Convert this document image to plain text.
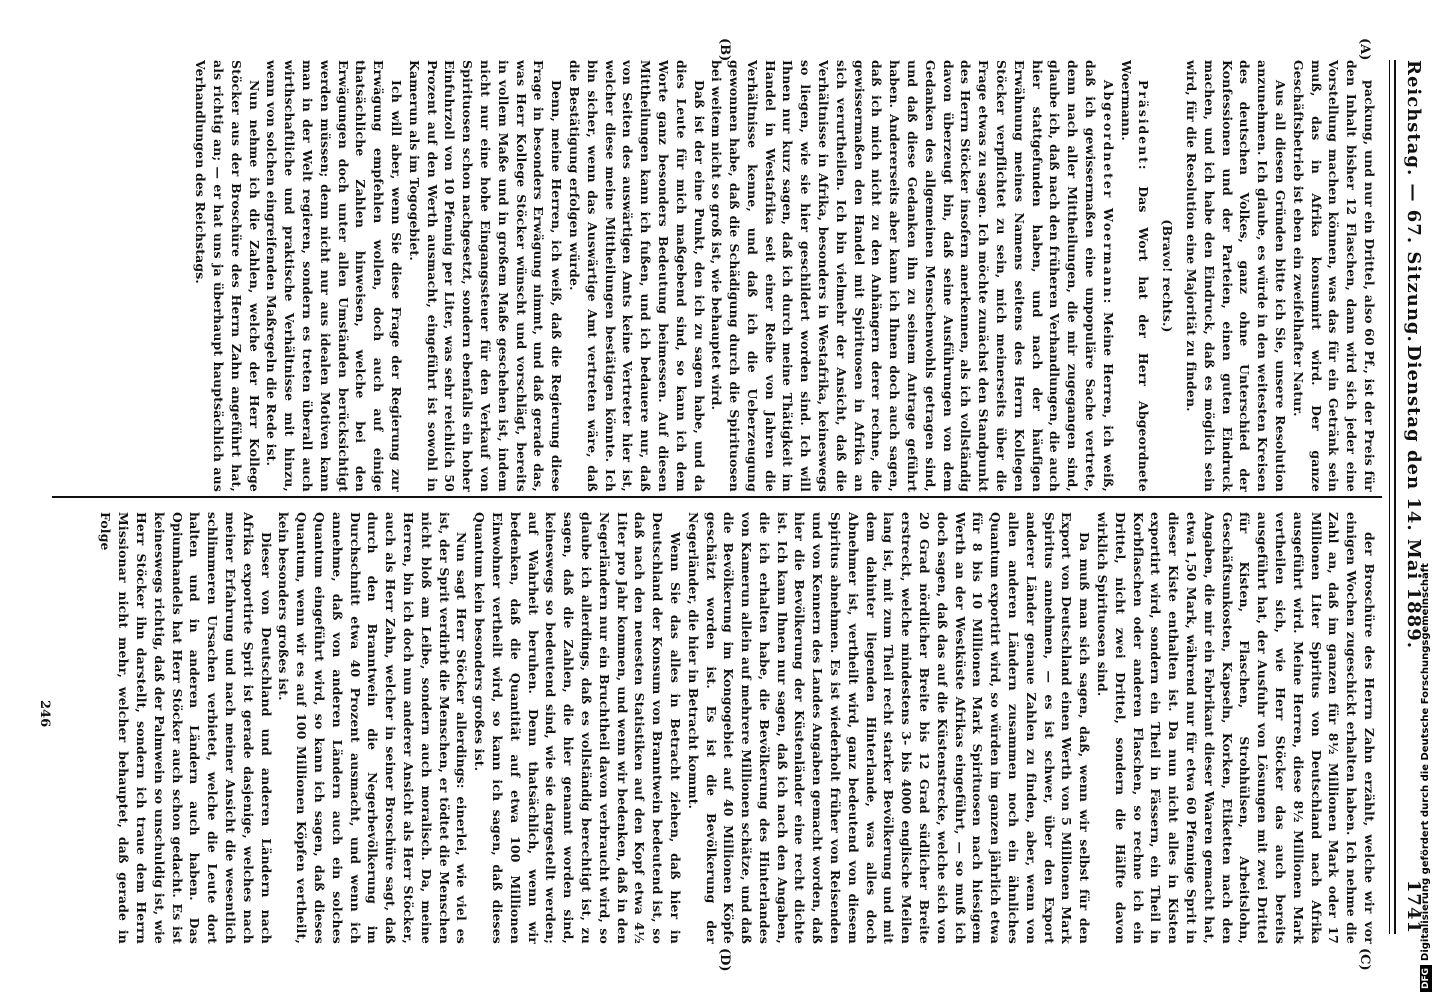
Reichstag. — 67. Sitzung.
Dienstag den 14. Mai 1889.
1741
(A)
(B)
(C)
(D)

packung, und nur ein Drittel, also 60 Pf., ist der Preis für den Inhalt bisher 12 Flaschen, dann wird sich jeder eine Vorstellung machen können, was das für ein Getränk sein muß, das in Afrika konsumirt wird. Der ganze Geschäftsbetrieb ist eben ein zweifelhafter Natur.

Aus all diesen Gründen bitte ich Sie, unsere Resolution anzunehmen. Ich glaube, es würde in den weitesten Kreisen des deutschen Volkes, ganz ohne Unterschied der Konfessionen und der Parteien, einen guten Eindruck machen, und ich habe den Eindruck, daß es möglich sein wird, für die Resolution eine Majorität zu finden.

(Bravo! rechts.)

Präsident: Das Wort hat der Herr Abgeordnete Woermann.

Abgeordneter Woermann: Meine Herren, ich weiß, daß ich gewissermaßen eine unpopuläre Sache vertrete, denn nach aller Mittheilungen, die mir zugegangen sind, glaube ich, daß nach den früheren Verhandlungen, die auch hier stattgefunden haben, und nach der häufigen Erwähnung meines Namens seitens des Herrn Kollegen Stöcker verpflichtet zu sein, mich meinerseits über die Frage etwas zu sagen. Ich möchte zunächst den Standpunkt des Herrn Stöcker insofern anerkennen, als ich vollständig davon überzeugt bin, daß seine Ausführungen von dem Gedanken des allgemeinen Menschenwohls getragen sind, und daß diese Gedanken ihn zu seinem Antrage geführt haben. Andererseits aber kann ich Ihnen doch auch sagen, daß ich mich nicht zu den Anhängern derer rechne, die gewissermaßen den Handel mit Spirituosen in Afrika an sich verurtheilen. Ich bin vielmehr der Ansicht, daß die Verhältnisse in Afrika, besonders in Westafrika, keineswegs so liegen, wie sie hier geschildert worden sind. Ich will Ihnen nur kurz sagen, daß ich durch meine Thätigkeit im Handel in Westafrika seit einer Reihe von Jahren die Verhältnisse kenne, und daß ich die Ueberzeugung gewonnen habe, daß die Schädigung durch die Spirituosen bei weitem nicht so groß ist, wie behauptet wird.

Daß ist der eine Punkt, den ich zu sagen habe, und da dies Leute für mich maßgebend sind, so kann ich dem Worte ganz besonders Bedeutung beimessen. Auf diesen Mittheilungen kann ich fußen, und ich bedauere nur, daß von Seiten des auswärtigen Amts keine Vertreter hier ist, welcher diese meine Mittheilungen bestätigen könnte. Ich bin sicher, wenn das Auswärtige Amt vertreten wäre, daß die Bestätigung erfolgen würde.

Denn, meine Herren, ich weiß, daß die Regierung diese Frage in besonders Erwägung nimmt, und daß gerade das, was Herr Kollege Stöcker wünscht und vorschlägt, bereits in vollem Maße und in großem Maße geschehen ist, indem nicht nur eine hohe Eingangssteuer für den Verkauf von Spirituosen schon nachgesetzt, sondern ebenfalls ein hoher Einfuhrzoll von 10 Pfennig per Liter, was sehr reichlich 50 Prozent auf den Werth ausmacht, eingeführt ist sowohl in Kamerun als im Togogebiet.

Ich will aber, wenn Sie diese Frage der Regierung zur Erwägung empfehlen wollen, doch auch auf einige thatsächliche Zahlen hinweisen, welche bei den Erwägungen doch unter allen Umständen berücksichtigt werden müssen; denn nicht nur aus idealen Motiven kann man in der Welt regieren, sondern es treten überall auch wirthschaftliche und praktische Verhältnisse mit hinzu, wenn von solchen eingreifenden Maßregeln die Rede ist.

Nun nehme ich die Zahlen, welche der Herr Kollege Stöcker aus der Broschüre des Herrn Zahn angeführt hat, als richtig an; — er hat uns ja überhaupt hauptsächlich aus Verhandlungen des Reichstags.

der Broschüre des Herrn Zahn erzählt, welche wir vor einigen Wochen zugeschickt erhalten haben. Ich nehme die Zahl an, daß im ganzen für 8½ Millionen Mark oder 17 Millionen Liter Spiritus von Deutschland nach Afrika ausgeführt wird. Meine Herren, diese 8½ Millionen Mark vertheilen sich, wie Herr Stöcker das auch bereits ausgeführt hat, der Ausfuhr von Lösungen mit zwei Drittel für Kisten, Flaschen, Strohhülsen, Arbeitslohn, Geschäftsunkosten, Kapseln, Korken, Etiketten nach den Angaben, die mir ein Fabrikant dieser Waaren gemacht hat, etwa 1,50 Mark, während nur für etwa 60 Pfennige Sprit in dieser Kiste enthalten ist. Da nun nicht alles in Kisten exportirt wird, sondern ein Theil in Fässern, ein Theil in Korbflaschen oder anderen Flaschen, so rechne ich ein Drittel, nicht zwei Drittel, sondern die Hälfte davon wirklich Spirituosen sind.

Da muß man sich sagen, daß, wenn wir selbst für den Export von Deutschland einen Werth von 5 Millionen Mark Spiritus annehmen, — es ist schwer, über den Export anderer Länder genaue Zahlen zu finden, aber, wenn von allen anderen Ländern zusammen noch ein ähnliches Quantum exportirt wird, so würden im ganzen jährlich etwa für 8 bis 10 Millionen Mark Spirituosen nach hiesigem Werth an der Westküste Afrikas eingeführt, — so muß ich doch sagen, daß das auf die Küstenstrecke, welche sich von 20 Grad nördlicher Breite bis 12 Grad südlicher Breite erstreckt, welche mindestens 3- bis 4000 englische Meilen lang ist, mit zum Theil recht starker Bevölkerung und mit dem dahinter liegenden Hinterlande, was alles doch Abnehmer ist, vertheilt wird, ganz bedeutend von diesem Spiritus abnehmen. Es ist wiederholt früher von Reisenden und von Kennern des Landes Angaben gemacht worden, daß hier die Bevölkerung der Küstenländer eine recht dichte ist. Ich kann Ihnen nur sagen, daß ich nach den Angaben, die ich erhalten habe, die Bevölkerung des Hinterlandes von Kamerun allein auf mehrere Millionen schätze, und daß die Bevölkerung im Kongogebiet auf 40 Millionen Köpfe geschätzt worden ist. Es ist die Bevölkerung der Negerländer, die hier in Betracht kommt.

Wenn Sie das alles in Betracht ziehen, daß hier in Deutschland der Konsum von Branntwein bedeutend ist, so daß nach den neuesten Statistiken auf den Kopf etwa 4½ Liter pro Jahr kommen, und wenn wir bedenken, daß in den Negerländern nur ein Bruchtheil davon verbraucht wird, so glaube ich allerdings, daß es vollständig berechtigt ist, zu sagen, daß die Zahlen, die hier genannt worden sind, keineswegs so bedeutend sind, wie sie dargestellt werden; auf Wahrheit beruhen. Denn thatsächlich, wenn wir bedenken, daß die Quantität auf etwa 100 Millionen Einwohner vertheilt wird, so kann ich sagen, daß dieses Quantum kein besonders großes ist.

Nun sagt Herr Stöcker allerdings: einerlei, wie viel es ist, der Sprit verdirbt die Menschen, er tödtet die Menschen nicht bloß am Leibe, sondern auch moralisch. Da, meine Herren, bin ich doch nun anderer Ansicht als Herr Stöcker, auch als Herr Zahn, welcher in seiner Broschüre sagt, daß durch den Branntwein die Negerbevölkerung im Durchschnitt etwa 40 Prozent ausmacht, und wenn ich annehme, daß von anderen Ländern auch ein solches Quantum eingeführt wird, so kann ich sagen, daß dieses Quantum, wenn wir es auf 100 Millionen Köpfen vertheilt, kein besonders großes ist.

Dieser von Deutschland und anderen Ländern nach Afrika exportirte Sprit ist gerade dasjenige, welches nach meiner Erfahrung und nach meiner Ansicht die wesentlich schlimmeren Ursachen verbietet, welche die Leute dort halten und in anderen Ländern auch haben. Das Opiumhandels hat Herr Stöcker auch schon gedacht. Es ist keineswegs richtig, daß der Palmwein so unschuldig ist, wie Herr Stöcker ihn darstellt, sondern ich traue dem Herrn Missionar nicht mehr, welcher behauptet, daß gerade in Folge

246
DFGDigitalisierung gefördert durch die Deutsche Forschungsgemeinschaft
